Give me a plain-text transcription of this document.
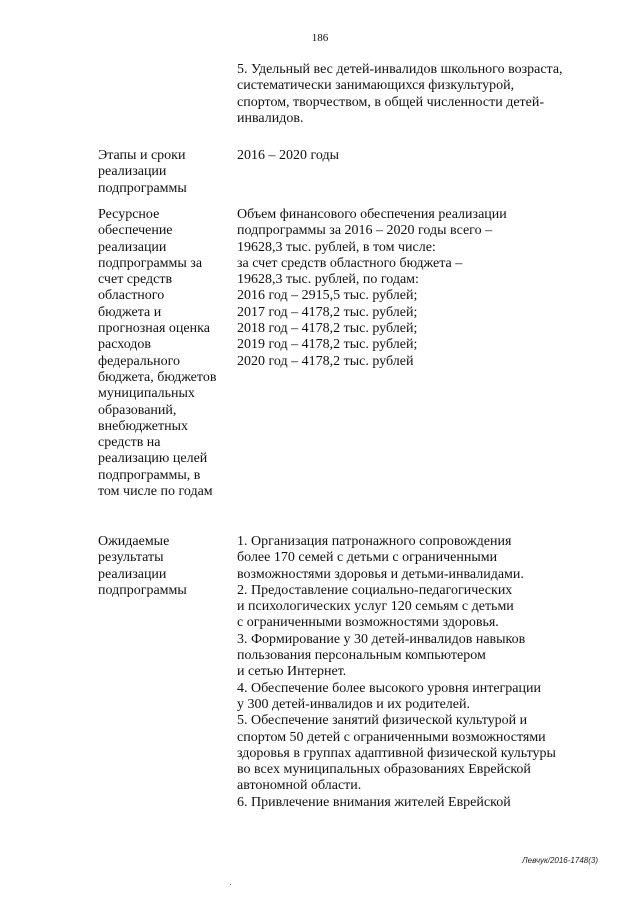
186
5. Удельный вес детей-инвалидов школьного возраста,
систематически занимающихся физкультурой,
спортом, творчеством, в общей численности детей-
инвалидов.
Этапы и сроки
реализации
подпрограммы
2016 – 2020 годы
Ресурсное
обеспечение
реализации
подпрограммы за
счет средств
областного
бюджета и
прогнозная оценка
расходов
федерального
бюджета, бюджетов
муниципальных
образований,
внебюджетных
средств на
реализацию целей
подпрограммы, в
том числе по годам
Объем финансового обеспечения реализации
подпрограммы за 2016 – 2020 годы всего –
19628,3 тыс. рублей, в том числе:
за счет средств областного бюджета –
19628,3 тыс. рублей, по годам:
2016 год – 2915,5 тыс. рублей;
2017 год – 4178,2 тыс. рублей;
2018 год – 4178,2 тыс. рублей;
2019 год – 4178,2 тыс. рублей;
2020 год – 4178,2 тыс. рублей
Ожидаемые
результаты
реализации
подпрограммы
1. Организация патронажного сопровождения
более 170 семей с детьми с ограниченными
возможностями здоровья и детьми-инвалидами.
2. Предоставление социально-педагогических
и психологических услуг 120 семьям с детьми
с ограниченными возможностями здоровья.
3. Формирование у 30 детей-инвалидов навыков
пользования персональным компьютером
и сетью Интернет.
4. Обеспечение более высокого уровня интеграции
у 300 детей-инвалидов и их родителей.
5. Обеспечение занятий физической культурой и
спортом 50 детей с ограниченными возможностями
здоровья в группах адаптивной физической культуры
во всех муниципальных образованиях Еврейской
автономной области.
6. Привлечение внимания жителей Еврейской
Левчук/2016-1748(3)
